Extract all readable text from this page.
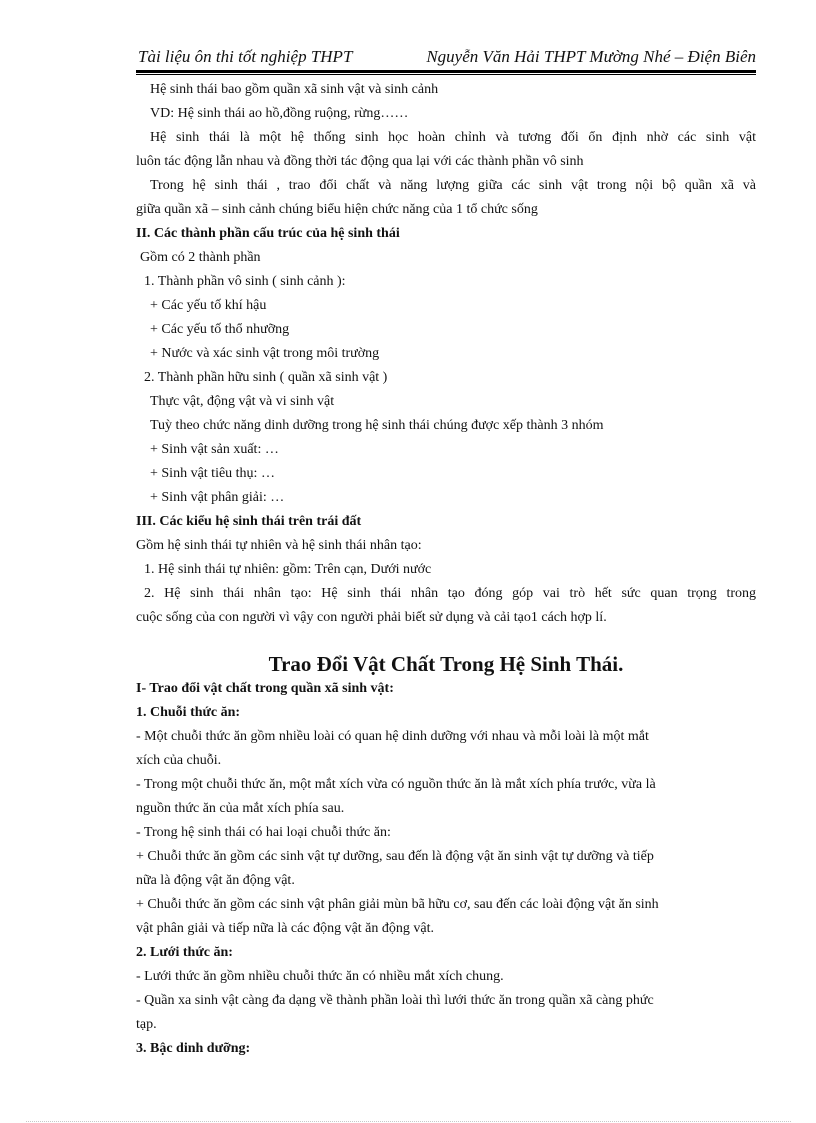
Tài liệu ôn thi tốt nghiệp THPT	Nguyễn Văn Hải THPT Mường Nhé – Điện Biên
Hệ sinh thái bao gồm quần xã sinh vật và sinh cảnh
VD: Hệ sinh thái ao hồ,đồng ruộng, rừng……
Hệ sinh thái là một hệ thống sinh học hoàn chỉnh và tương đối ổn định nhờ các sinh vật
luôn tác động lẫn nhau và đồng thời tác động qua lại với các thành phần vô sinh
Trong hệ sinh thái , trao đổi chất và năng lượng giữa các sinh vật trong nội bộ quần xã và
giữa quần xã – sinh cảnh chúng biểu hiện chức năng của 1 tổ chức sống
II. Các thành phần cấu trúc của hệ sinh thái
Gồm có 2 thành phần
1. Thành phần vô sinh ( sinh cảnh ):
+ Các yếu tố khí hậu
+ Các yếu tố thổ nhưỡng
+ Nước và xác sinh vật trong môi trường
2. Thành phần hữu sinh ( quần xã sinh vật )
Thực vật, động vật và vi sinh vật
Tuỳ theo chức năng dinh dưỡng trong hệ sinh thái chúng được xếp thành 3 nhóm
+ Sinh vật sản xuất: …
+ Sinh vật tiêu thụ: …
+ Sinh vật phân giải: …
III. Các kiểu hệ sinh thái trên trái đất
Gồm hệ sinh thái tự nhiên và hệ sinh thái nhân tạo:
1. Hệ sinh thái tự nhiên: gồm: Trên cạn, Dưới nước
2. Hệ sinh thái nhân tạo: Hệ sinh thái nhân tạo đóng góp vai trò hết sức quan trọng trong
cuộc sống của con người vì vậy con người phải biết sử dụng và cải tạo1 cách hợp lí.
Trao Đổi Vật Chất Trong Hệ Sinh Thái.
I- Trao đổi vật chất trong quần xã sinh vật:
1. Chuỗi thức ăn:
- Một chuỗi thức ăn gồm nhiều loài có quan hệ dinh dưỡng với nhau và mỗi loài là một mắt
xích của chuỗi.
- Trong một chuỗi thức ăn, một mắt xích vừa có nguồn thức ăn là mắt xích phía trước, vừa là
nguồn thức ăn của mắt xích phía sau.
- Trong hệ sinh thái có hai loại chuỗi thức ăn:
+ Chuỗi thức ăn gồm các sinh vật tự dưỡng, sau đến là động vật ăn sinh vật tự dưỡng và tiếp
nữa là động vật ăn động vật.
+ Chuỗi thức ăn gồm các sinh vật phân giải mùn bã hữu cơ, sau đến các loài động vật ăn sinh
vật phân giải và tiếp nữa là các động vật ăn động vật.
2. Lưới thức ăn:
- Lưới thức ăn gồm nhiều chuỗi thức ăn có nhiều mắt xích chung.
- Quần xa sinh vật càng đa dạng về thành phần loài thì lưới thức ăn trong quần xã càng phức
tạp.
3. Bậc dinh dưỡng:
